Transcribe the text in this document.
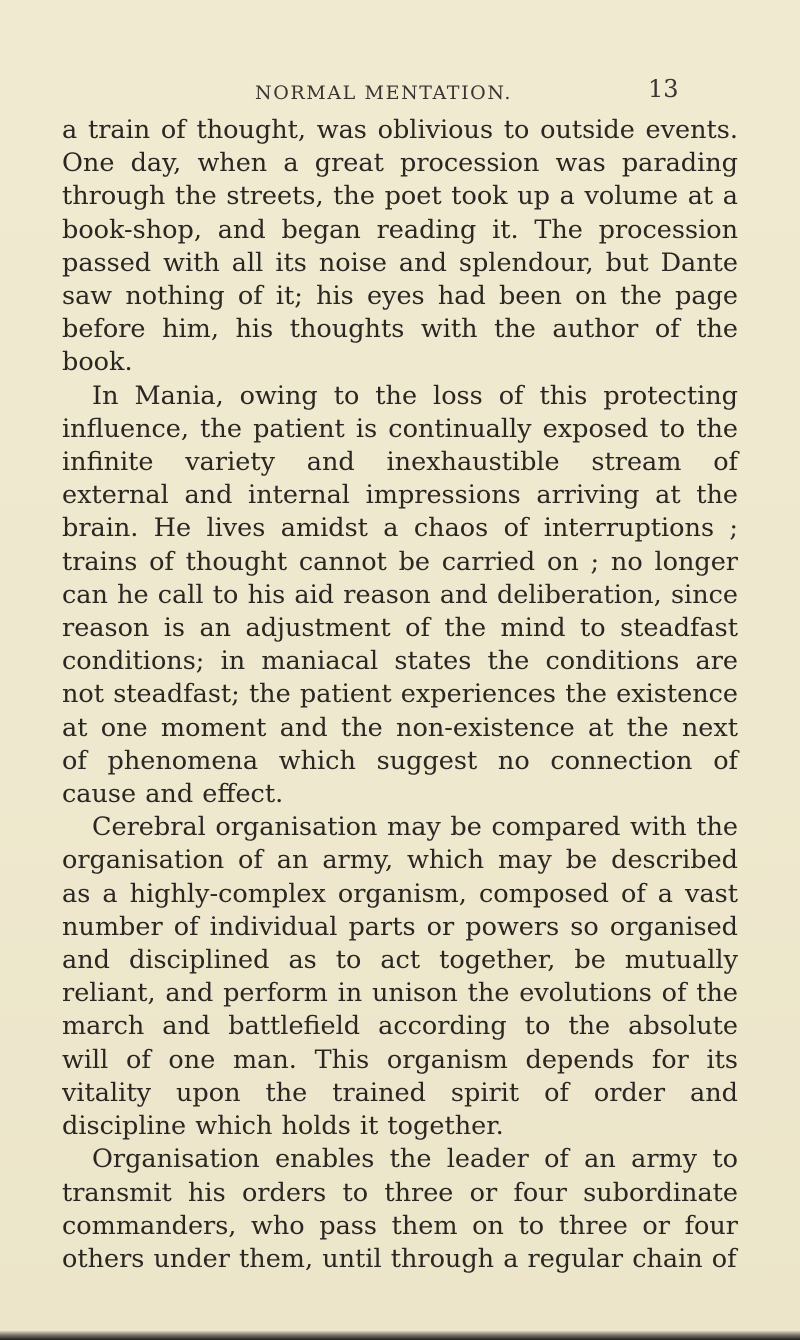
NORMAL MENTATION.	13

a train of thought, was oblivious to outside events. One day, when a great procession was parading through the streets, the poet took up a volume at a book-shop, and began reading it. The procession passed with all its noise and splendour, but Dante saw nothing of it; his eyes had been on the page before him, his thoughts with the author of the book.

In Mania, owing to the loss of this protecting influence, the patient is continually exposed to the infinite variety and inexhaustible stream of external and internal impressions arriving at the brain. He lives amidst a chaos of interruptions ; trains of thought cannot be carried on ; no longer can he call to his aid reason and deliberation, since reason is an adjustment of the mind to steadfast conditions; in maniacal states the conditions are not steadfast; the patient experiences the existence at one moment and the non-existence at the next of phenomena which suggest no connection of cause and effect.

Cerebral organisation may be compared with the organisation of an army, which may be described as a highly-complex organism, composed of a vast number of individual parts or powers so organised and disciplined as to act together, be mutually reliant, and perform in unison the evolutions of the march and battlefield according to the absolute will of one man. This organism depends for its vitality upon the trained spirit of order and discipline which holds it together.

Organisation enables the leader of an army to transmit his orders to three or four subordinate commanders, who pass them on to three or four others under them, until through a regular chain of
